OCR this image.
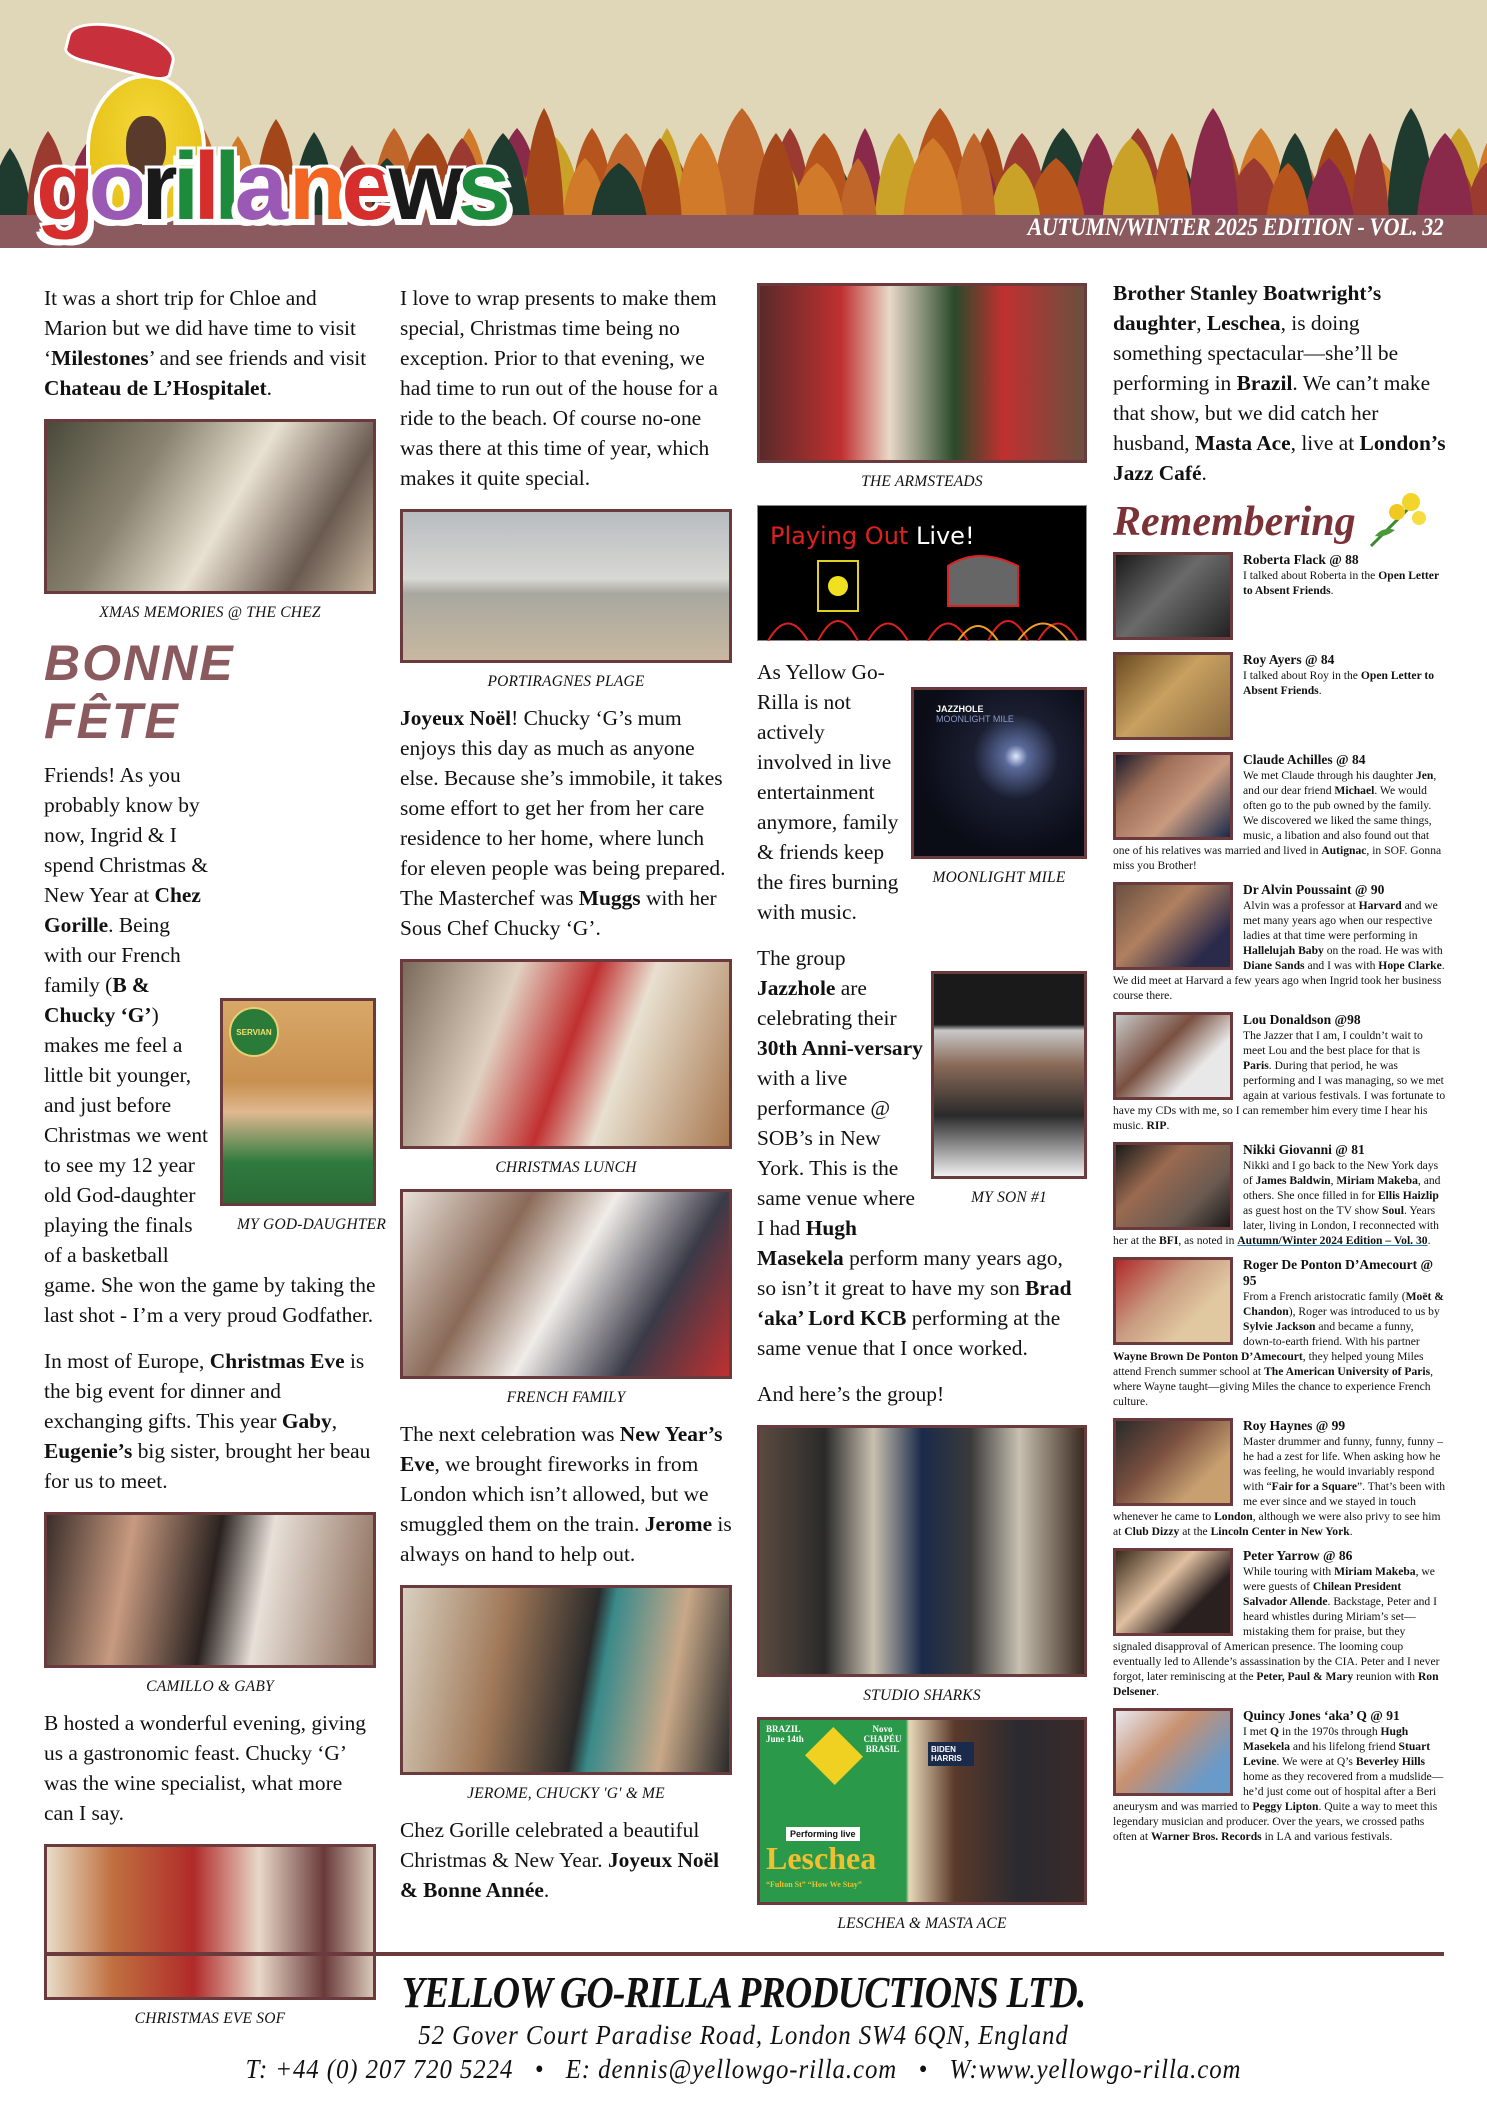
AUTUMN/WINTER 2025 EDITION - VOL. 32
gorilla news

It was a short trip for Chloe and Marion but we did have time to visit ‘Milestones’ and see friends and visit Chateau de L’Hospitalet.

XMAS MEMORIES @ THE CHEZ
BONNE FÊTE
SERVIAN
MY GOD-DAUGHTER

Friends! As you probably know by now, Ingrid & I spend Christmas & New Year at Chez Gorille. Being with our French family (B & Chucky ‘G’) makes me feel a little bit younger, and just before Christmas we went to see my 12 year old God-daughter playing the finals of a basketball game. She won the game by taking the last shot - I’m a very proud Godfather.

In most of Europe, Christmas Eve is the big event for dinner and exchanging gifts. This year Gaby, Eugenie’s big sister, brought her beau for us to meet.

CAMILLO & GABY

B hosted a wonderful evening, giving us a gastronomic feast. Chucky ‘G’ was the wine specialist, what more can I say.

CHRISTMAS EVE SOF

I love to wrap presents to make them special, Christmas time being no exception. Prior to that evening, we had time to run out of the house for a ride to the beach. Of course no-one was there at this time of year, which makes it quite special.

PORTIRAGNES PLAGE

Joyeux Noël! Chucky ‘G’s mum enjoys this day as much as anyone else. Because she’s immobile, it takes some effort to get her from her care residence to her home, where lunch for eleven people was being prepared. The Masterchef was Muggs with her Sous Chef Chucky ‘G’.

CHRISTMAS LUNCH
FRENCH FAMILY

The next celebration was New Year’s Eve, we brought fireworks in from London which isn’t allowed, but we smuggled them on the train. Jerome is always on hand to help out.

JEROME, CHUCKY 'G' & ME

Chez Gorille celebrated a beautiful Christmas & New Year. Joyeux Noël & Bonne Année.

THE ARMSTEADS
Playing Out Live!
JAZZHOLE
MOONLIGHT MILE
MOONLIGHT MILE

As Yellow Go-Rilla is not actively involved in live entertainment anymore, family & friends keep the fires burning with music.

MY SON #1

The group Jazzhole are celebrating their 30th Anni-versary with a live performance @ SOB’s in New York. This is the same venue where I had Hugh Masekela perform many years ago, so isn’t it great to have my son Brad ‘aka’ Lord KCB performing at the same venue that I once worked.

And here’s the group!

STUDIO SHARKS
BRAZIL June 14th
Novo CHAPÉU BRASIL
Performing live
Leschea
“Fulton St” “How We Stay”
BIDEN HARRIS
LESCHEA & MASTA ACE

Brother Stanley Boatwright’s daughter, Leschea, is doing something spectacular—she’ll be performing in Brazil. We can’t make that show, but we did catch her husband, Masta Ace, live at London’s Jazz Café.

Remembering
Roberta Flack @ 88
I talked about Roberta in the Open Letter to Absent Friends.
Roy Ayers @ 84
I talked about Roy in the Open Letter to Absent Friends.
Claude Achilles @ 84
We met Claude through his daughter Jen, and our dear friend Michael. We would often go to the pub owned by the family. We discovered we liked the same things, music, a libation and also found out that one of his relatives was married and lived in Autignac, in SOF. Gonna miss you Brother!
Dr Alvin Poussaint @ 90
Alvin was a professor at Harvard and we met many years ago when our respective ladies at that time were performing in Hallelujah Baby on the road. He was with Diane Sands and I was with Hope Clarke. We did meet at Harvard a few years ago when Ingrid took her business course there.
Lou Donaldson @98
The Jazzer that I am, I couldn’t wait to meet Lou and the best place for that is Paris. During that period, he was performing and I was managing, so we met again at various festivals. I was fortunate to have my CDs with me, so I can remember him every time I hear his music. RIP.
Nikki Giovanni @ 81
Nikki and I go back to the New York days of James Baldwin, Miriam Makeba, and others. She once filled in for Ellis Haizlip as guest host on the TV show Soul. Years later, living in London, I reconnected with her at the BFI, as noted in Autumn/Winter 2024 Edition – Vol. 30.
Roger De Ponton D’Amecourt @ 95
From a French aristocratic family (Moët & Chandon), Roger was introduced to us by Sylvie Jackson and became a funny, down-to-earth friend. With his partner Wayne Brown De Ponton D’Amecourt, they helped young Miles attend French summer school at The American University of Paris, where Wayne taught—giving Miles the chance to experience French culture.
Roy Haynes @ 99
Master drummer and funny, funny, funny – he had a zest for life. When asking how he was feeling, he would invariably respond with “Fair for a Square”. That’s been with me ever since and we stayed in touch whenever he came to London, although we were also privy to see him at Club Dizzy at the Lincoln Center in New York.
Peter Yarrow @ 86
While touring with Miriam Makeba, we were guests of Chilean President Salvador Allende. Backstage, Peter and I heard whistles during Miriam’s set—mistaking them for praise, but they signaled disapproval of American presence. The looming coup eventually led to Allende’s assassination by the CIA. Peter and I never forgot, later reminiscing at the Peter, Paul & Mary reunion with Ron Delsener.
Quincy Jones ‘aka’ Q @ 91
I met Q in the 1970s through Hugh Masekela and his lifelong friend Stuart Levine. We were at Q’s Beverley Hills home as they recovered from a mudslide—he’d just come out of hospital after a Beri aneurysm and was married to Peggy Lipton. Quite a way to meet this legendary musician and producer. Over the years, we crossed paths often at Warner Bros. Records in LA and various festivals.
YELLOW GO-RILLA PRODUCTIONS LTD.
52 Gover Court Paradise Road, London SW4 6QN, England
T: +44 (0) 207 720 5224 • E: dennis@yellowgo-rilla.com • W:www.yellowgo-rilla.com
